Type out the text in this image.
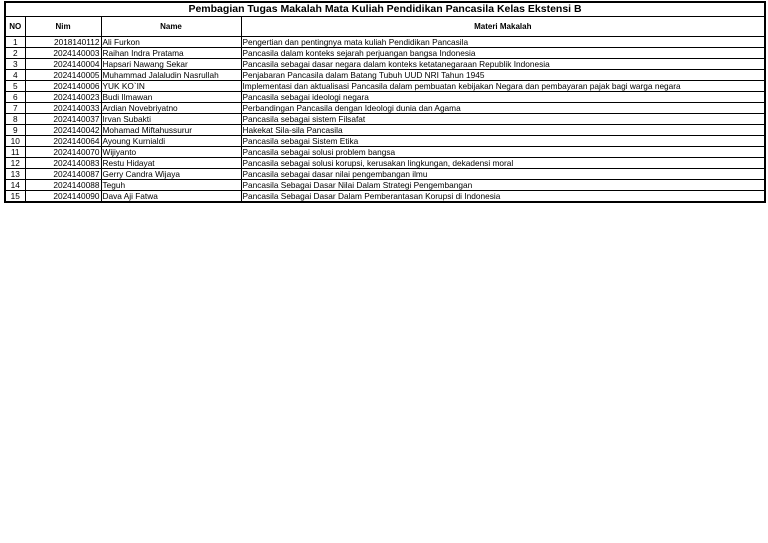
Pembagian Tugas Makalah Mata Kuliah Pendidikan Pancasila Kelas Ekstensi B			
NO	Nim	Name	Materi Makalah
1	2018140112	Ali Furkon	Pengertian dan pentingnya mata kuliah Pendidikan Pancasila
2	2024140003	Raihan Indra Pratama	Pancasila dalam konteks sejarah perjuangan bangsa Indonesia
3	2024140004	Hapsari Nawang Sekar	Pancasila sebagai dasar negara dalam konteks ketatanegaraan Republik Indonesia
4	2024140005	Muhammad Jalaludin Nasrullah	Penjabaran Pancasila dalam Batang Tubuh UUD NRI Tahun 1945
5	2024140006	YUK KO`IN	Implementasi dan aktualisasi Pancasila dalam pembuatan kebijakan Negara dan pembayaran pajak bagi warga negara
6	2024140023	Budi Ilmawan	Pancasila sebagai ideologi negara
7	2024140033	Ardian Novebriyatno	Perbandingan Pancasila dengan Ideologi dunia dan Agama
8	2024140037	Irvan Subakti	Pancasila sebagai sistem Filsafat
9	2024140042	Mohamad Miftahussurur	Hakekat Sila-sila Pancasila
10	2024140064	Ayoung Kurnialdi	Pancasila sebagai Sistem Etika
11	2024140070	Wijiyanto	Pancasila sebagai solusi problem bangsa
12	2024140083	Restu Hidayat	Pancasila sebagai solusi korupsi, kerusakan lingkungan, dekadensi moral
13	2024140087	Gerry Candra Wijaya	Pancasila sebagai dasar nilai pengembangan ilmu
14	2024140088	Teguh	Pancasila Sebagai Dasar Nilai Dalam Strategi Pengembangan
15	2024140090	Dava Aji Fatwa	Pancasila Sebagai Dasar Dalam Pemberantasan Korupsi di Indonesia
